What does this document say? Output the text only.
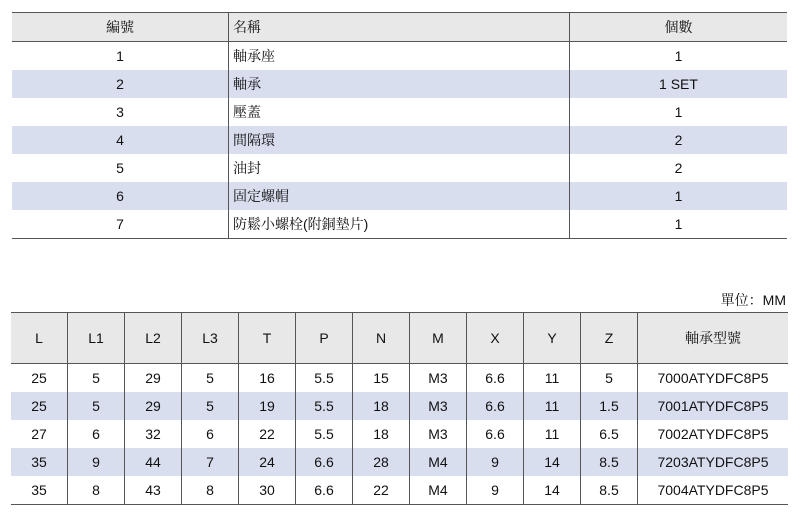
編號	名稱	個數
1	軸承座	1
2	軸承	1 SET
3	壓蓋	1
4	間隔環	2
5	油封	2
6	固定螺帽	1
7	防鬆小螺栓(附銅墊片)	1
單位：MM
L	L1	L2	L3	T	P	N	M	X	Y	Z	軸承型號
25	5	29	5	16	5.5	15	M3	6.6	11	5	7000ATYDFC8P5
25	5	29	5	19	5.5	18	M3	6.6	11	1.5	7001ATYDFC8P5
27	6	32	6	22	5.5	18	M3	6.6	11	6.5	7002ATYDFC8P5
35	9	44	7	24	6.6	28	M4	9	14	8.5	7203ATYDFC8P5
35	8	43	8	30	6.6	22	M4	9	14	8.5	7004ATYDFC8P5
